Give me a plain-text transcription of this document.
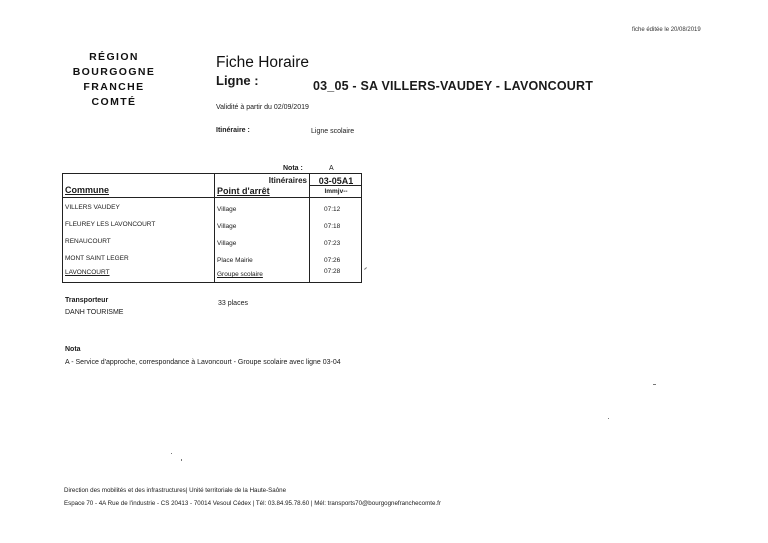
fiche éditée le 20/08/2019
RÉGION
BOURGOGNE
FRANCHE
COMTÉ
Fiche Horaire
Ligne :	03_05 - SA VILLERS-VAUDEY - LAVONCOURT
Validité à partir du 02/09/2019
Itinéraire :	Ligne scolaire
Nota :	A
Itinéraires	03-05A1
Commune	Point d'arrêt	lmmjv--
VILLERS VAUDEY	Village	07:12
FLEUREY LES LAVONCOURT	Village	07:18
RENAUCOURT	Village	07:23
MONT SAINT LEGER	Place Mairie	07:26
LAVONCOURT	Groupe scolaire	07:28
Transporteur
DANH TOURISME
33 places
Nota
A - Service d'approche, correspondance à Lavoncourt - Groupe scolaire avec ligne 03-04
Direction des mobilités et des infrastructures| Unité territoriale de la Haute-Saône
Espace 70 - 4A Rue de l'industrie - CS 20413 - 70014 Vesoul Cédex | Tél: 03.84.95.78.60 | Mél: transports70@bourgognefranchecomte.fr
